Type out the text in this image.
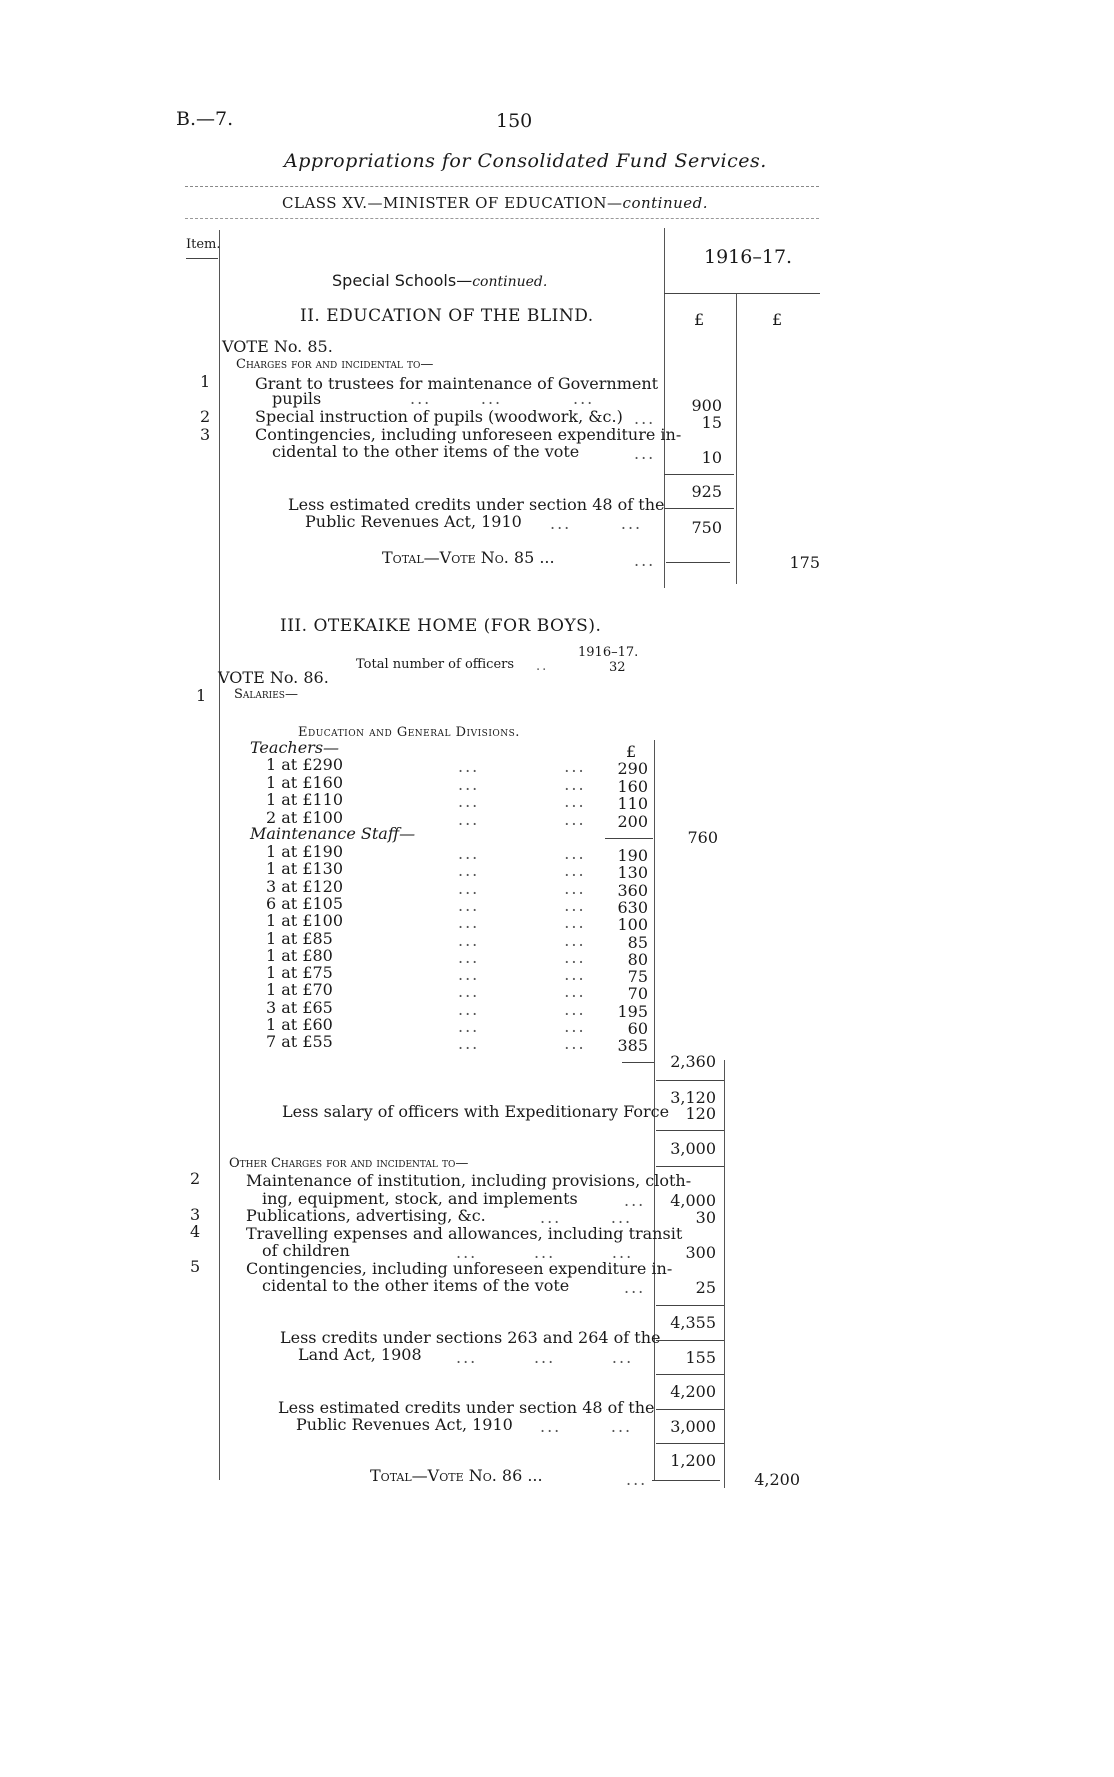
B.—7.	150
Appropriations for Consolidated Fund Services.
CLASS XV.—MINISTER OF EDUCATION—continued.
Item.
1916–17.
£	£
Special Schools—continued.
II. EDUCATION OF THE BLIND.
VOTE No. 85.
Charges for and incidental to—
1	Grant to trustees for maintenance of Government
pupils	...       ...          ...	900
2	Special instruction of pupils (woodwork, &c.) ...	15
3	Contingencies, including unforeseen expenditure in-
cidental to the other items of the vote	...	10
925
Less estimated credits under section 48 of the
Public Revenues Act, 1910 ...       ...	750
Total—Vote No. 85 ...	...	175
III. OTEKAIKE HOME (FOR BOYS).
1916–17.
Total number of officers ..	32
VOTE No. 86.
1 Salaries—
Education and General Divisions.
Teachers—	£
1 at £290	...            ...	290
1 at £160	...            ...	160
1 at £110	...            ...	110
2 at £100	...            ...	200
760
Maintenance Staff—
1 at £190	...            ...	190
1 at £130	...            ...	130
3 at £120	...            ...	360
6 at £105	...            ...	630
1 at £100	...            ...	100
1 at £85	...            ...	85
1 at £80	...            ...	80
1 at £75	...            ...	75
1 at £70	...            ...	70
3 at £65	...            ...	195
1 at £60	...            ...	60
7 at £55	...            ...	385
2,360
3,120
Less salary of officers with Expeditionary Force	120
3,000
Other Charges for and incidental to—
2	Maintenance of institution, including provisions, cloth-
ing, equipment, stock, and implements	...	4,000
3	Publications, advertising, &c.	...       ...	30
4	Travelling expenses and allowances, including transit
of children	...        ...        ...	300
5	Contingencies, including unforeseen expenditure in-
cidental to the other items of the vote	...	25
4,355
Less credits under sections 263 and 264 of the
Land Act, 1908 ...        ...        ...	155
4,200
Less estimated credits under section 48 of the
Public Revenues Act, 1910 ...       ...	3,000
1,200
Total—Vote No. 86 ...	...	4,200
